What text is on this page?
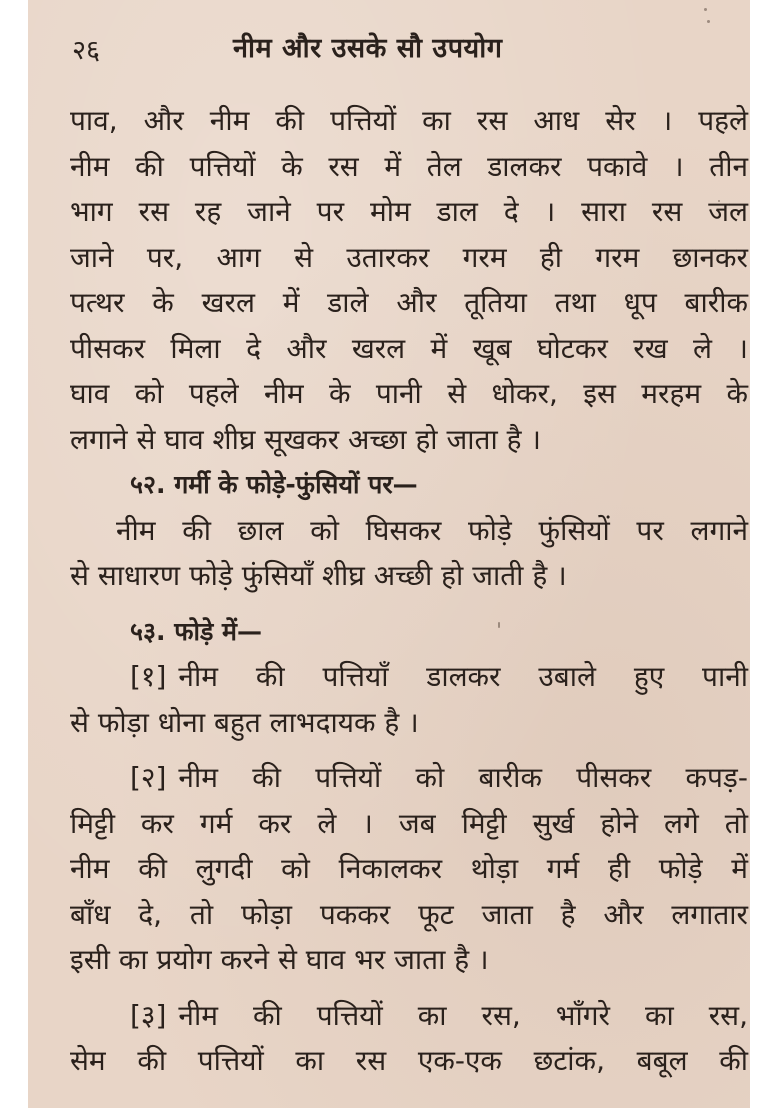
२६	नीम और उसके सौ उपयोग
पाव, और नीम की पत्तियों का रस आध सेर । पहले
नीम की पत्तियों के रस में तेल डालकर पकावे । तीन
भाग रस रह जाने पर मोम डाल दे । सारा रस जल
जाने पर, आग से उतारकर गरम ही गरम छानकर
पत्थर के खरल में डाले और तूतिया तथा धूप बारीक
पीसकर मिला दे और खरल में खूब घोटकर रख ले ।
घाव को पहले नीम के पानी से धोकर, इस मरहम के
लगाने से घाव शीघ्र सूखकर अच्छा हो जाता है ।
५२. गर्मी के फोड़े-फुंसियों पर—
नीम की छाल को घिसकर फोड़े फुंसियों पर लगाने
से साधारण फोड़े फुंसियाँ शीघ्र अच्छी हो जाती है ।
५३. फोड़े में—
[१] नीम की पत्तियाँ डालकर उबाले हुए पानी
से फोड़ा धोना बहुत लाभदायक है ।
[२] नीम की पत्तियों को बारीक पीसकर कपड़-
मिट्टी कर गर्म कर ले । जब मिट्टी सुर्ख होने लगे तो
नीम की लुगदी को निकालकर थोड़ा गर्म ही फोड़े में
बाँध दे, तो फोड़ा पककर फूट जाता है और लगातार
इसी का प्रयोग करने से घाव भर जाता है ।
[३] नीम की पत्तियों का रस, भाँगरे का रस,
सेम की पत्तियों का रस एक-एक छटांक, बबूल की
